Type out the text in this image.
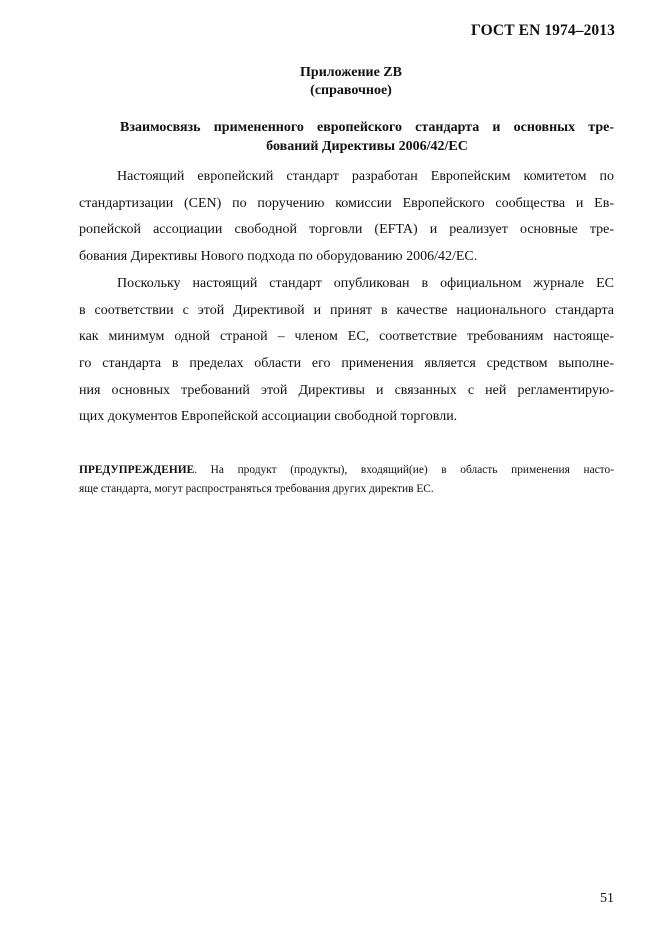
ГОСТ EN 1974–2013
Приложение ZB
(справочное)
Взаимосвязь примененного европейского стандарта и основных тре-
бований Директивы 2006/42/ЕС
Настоящий европейский стандарт разработан Европейским комитетом по
стандартизации (CEN) по поручению комиссии Европейского сообщества и Ев-
ропейской ассоциации свободной торговли (EFTA) и реализует основные тре-
бования Директивы Нового подхода по оборудованию 2006/42/ЕС.
Поскольку настоящий стандарт опубликован в официальном журнале ЕС
в соответствии с этой Директивой и принят в качестве национального стандарта
как минимум одной страной – членом ЕС, соответствие требованиям настояще-
го стандарта в пределах области его применения является средством выполне-
ния основных требований этой Директивы и связанных с ней регламентирую-
щих документов Европейской ассоциации свободной торговли.
ПРЕДУПРЕЖДЕНИЕ. На продукт (продукты), входящий(ие) в область применения насто-
яще стандарта, могут распространяться требования других директив ЕС.
51
